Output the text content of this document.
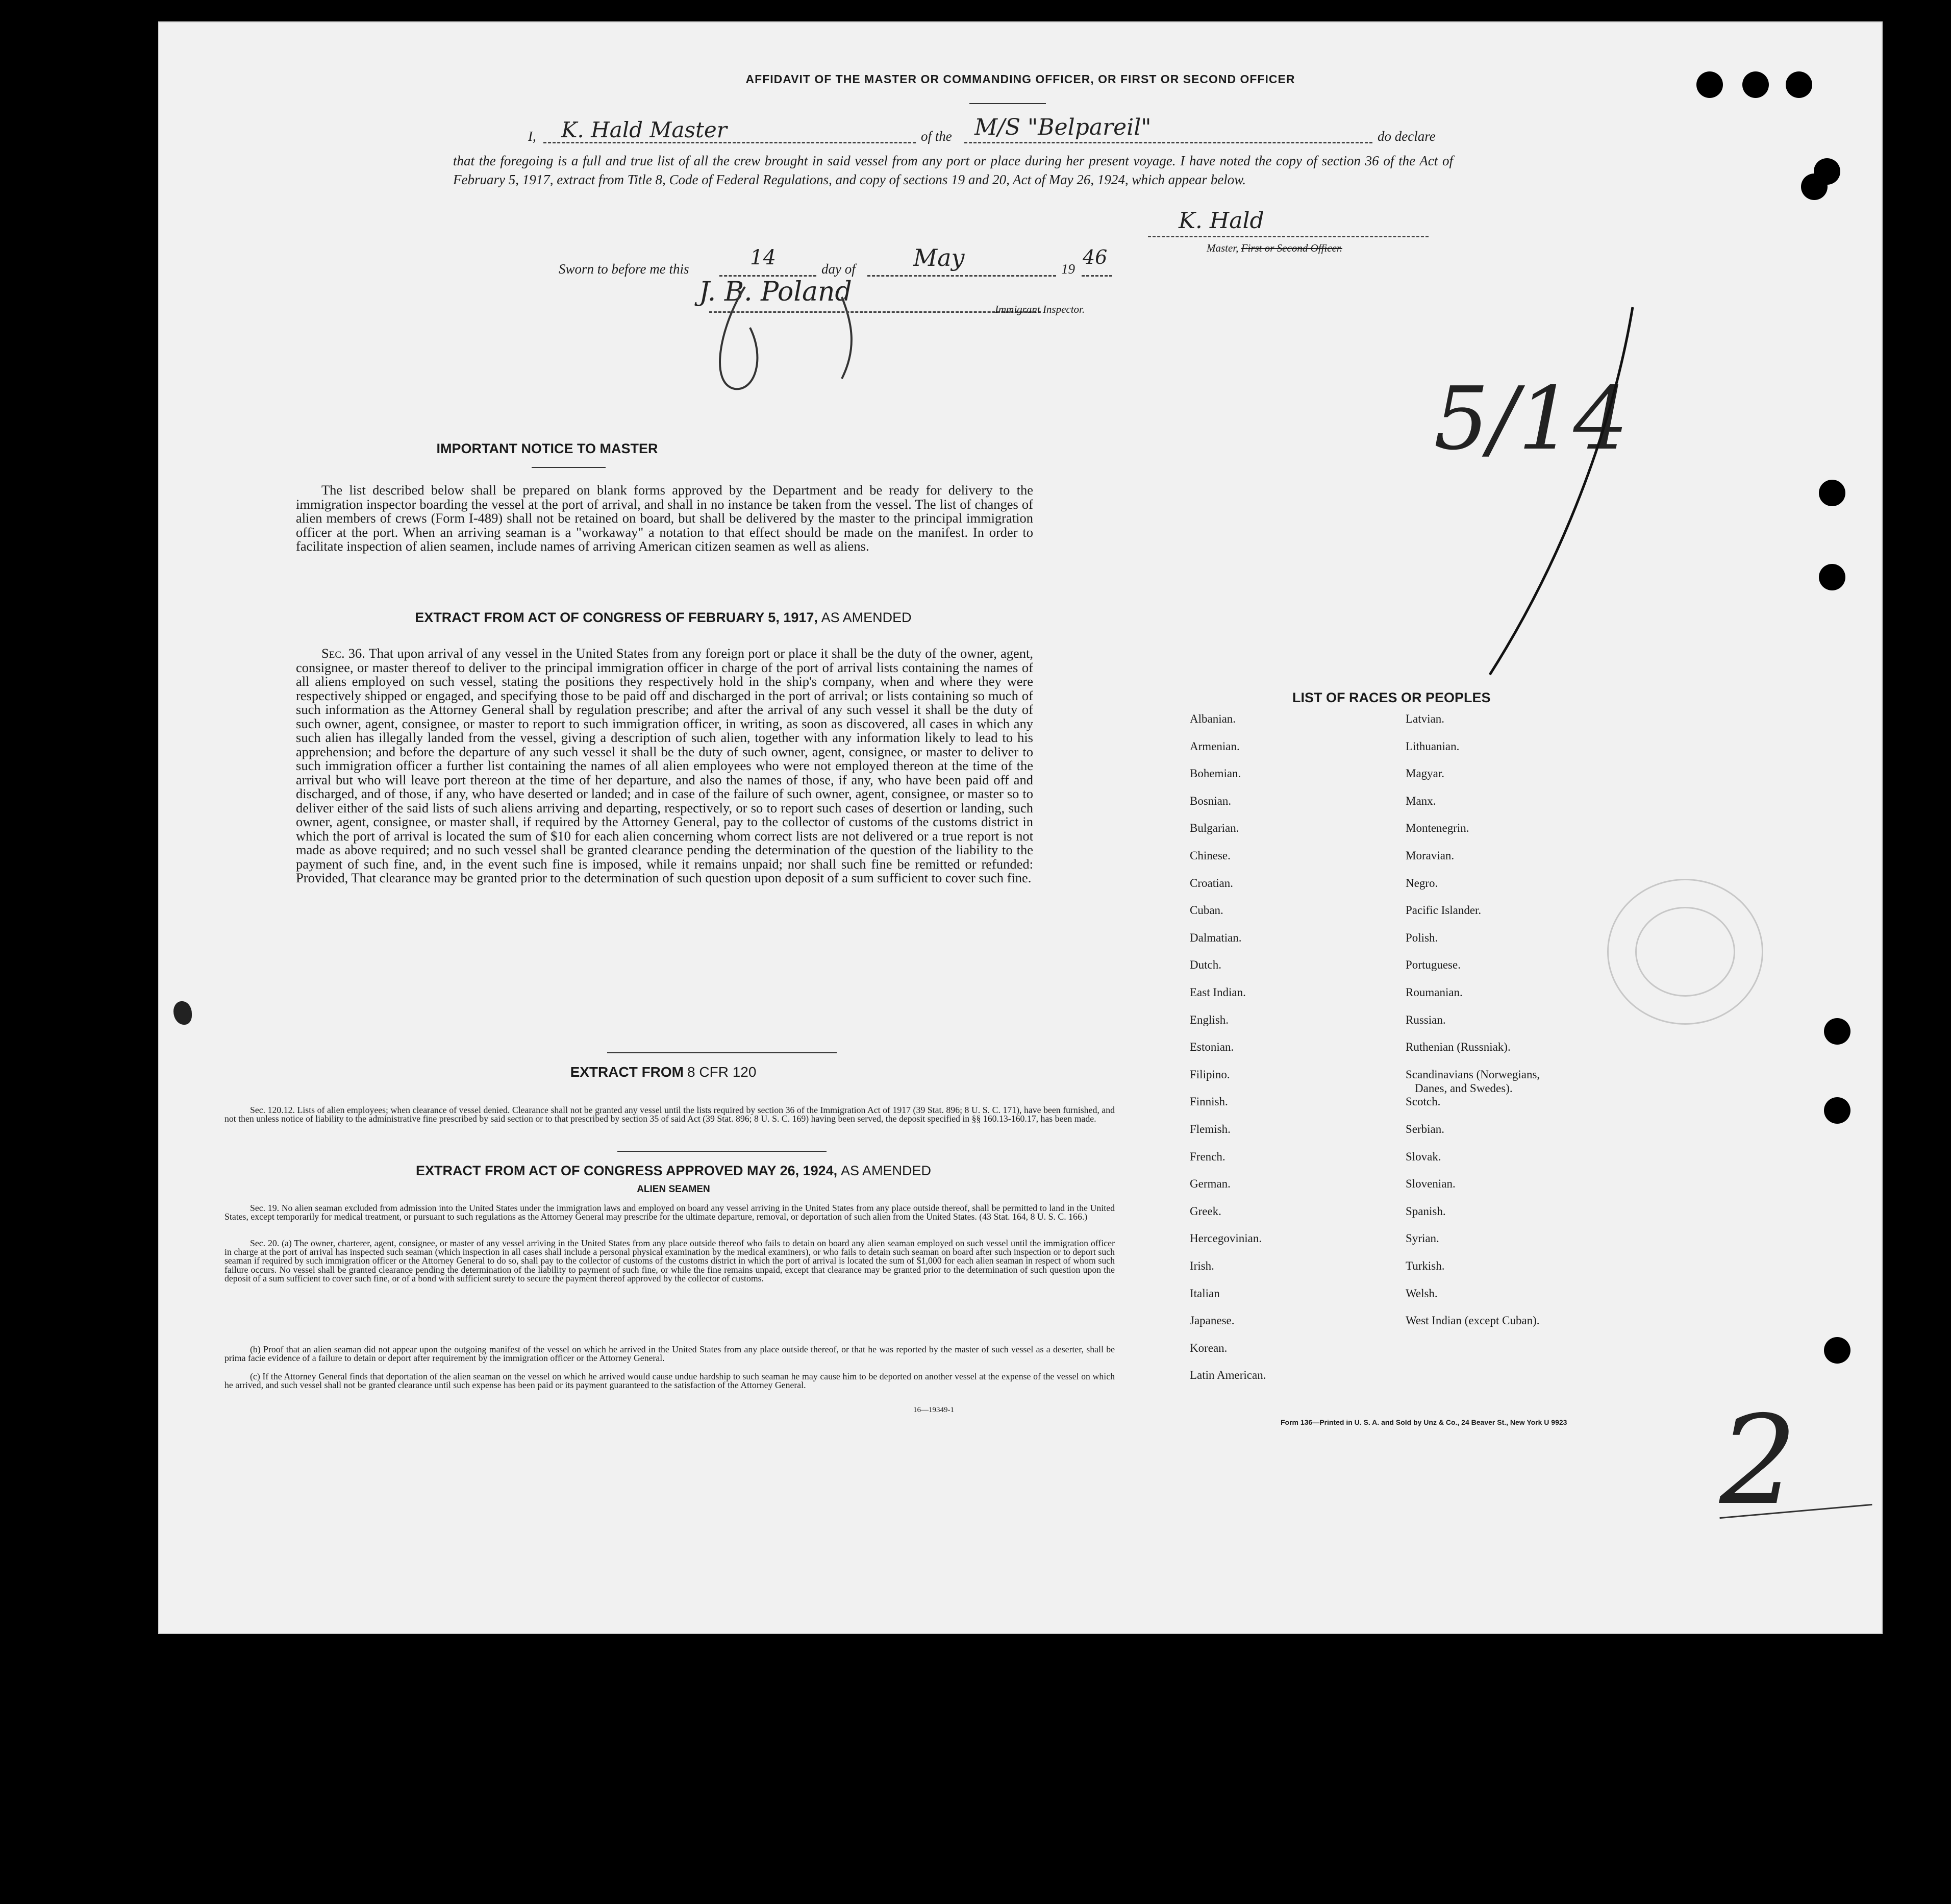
AFFIDAVIT OF THE MASTER OR COMMANDING OFFICER, OR FIRST OR SECOND OFFICER
I, K. Hald Master	of the M/S "Belpareil"	do declare
that the foregoing is a full and true list of all the crew brought in said vessel from any port or place during her present voyage. I have noted the copy of section 36 of the Act of February 5, 1917, extract from Title 8, Code of Federal Regulations, and copy of sections 19 and 20, Act of May 26, 1924, which appear below.
K. Hald
Master, First or Second Officer.
Sworn to before me this	14	day of May	19
46
J. B. Poland
Immigrant Inspector.
5/14
IMPORTANT NOTICE TO MASTER
The list described below shall be prepared on blank forms approved by the Department and be ready for delivery to the immigration inspector boarding the vessel at the port of arrival, and shall in no instance be taken from the vessel. The list of changes of alien members of crews (Form I-489) shall not be retained on board, but shall be delivered by the master to the principal immigration officer at the port. When an arriving seaman is a "workaway" a notation to that effect should be made on the manifest. In order to facilitate inspection of alien seamen, include names of arriving American citizen seamen as well as aliens.
EXTRACT FROM ACT OF CONGRESS OF FEBRUARY 5, 1917, AS AMENDED
Sec. 36. That upon arrival of any vessel in the United States from any foreign port or place it shall be the duty of the owner, agent, consignee, or master thereof to deliver to the principal immigration officer in charge of the port of arrival lists containing the names of all aliens employed on such vessel, stating the positions they respectively hold in the ship's company, when and where they were respectively shipped or engaged, and specifying those to be paid off and discharged in the port of arrival; or lists containing so much of such information as the Attorney General shall by regulation prescribe; and after the arrival of any such vessel it shall be the duty of such owner, agent, consignee, or master to report to such immigration officer, in writing, as soon as discovered, all cases in which any such alien has illegally landed from the vessel, giving a description of such alien, together with any information likely to lead to his apprehension; and before the departure of any such vessel it shall be the duty of such owner, agent, consignee, or master to deliver to such immigration officer a further list containing the names of all alien employees who were not employed thereon at the time of the arrival but who will leave port thereon at the time of her departure, and also the names of those, if any, who have been paid off and discharged, and of those, if any, who have deserted or landed; and in case of the failure of such owner, agent, consignee, or master so to deliver either of the said lists of such aliens arriving and departing, respectively, or so to report such cases of desertion or landing, such owner, agent, consignee, or master shall, if required by the Attorney General, pay to the collector of customs of the customs district in which the port of arrival is located the sum of $10 for each alien concerning whom correct lists are not delivered or a true report is not made as above required; and no such vessel shall be granted clearance pending the determination of the question of the liability to the payment of such fine, and, in the event such fine is imposed, while it remains unpaid; nor shall such fine be remitted or refunded: Provided, That clearance may be granted prior to the determination of such question upon deposit of a sum sufficient to cover such fine.
EXTRACT FROM 8 CFR 120
Sec. 120.12. Lists of alien employees; when clearance of vessel denied. Clearance shall not be granted any vessel until the lists required by section 36 of the Immigration Act of 1917 (39 Stat. 896; 8 U. S. C. 171), have been furnished, and not then unless notice of liability to the administrative fine prescribed by said section or to that prescribed by section 35 of said Act (39 Stat. 896; 8 U. S. C. 169) having been served, the deposit specified in §§ 160.13-160.17, has been made.
EXTRACT FROM ACT OF CONGRESS APPROVED MAY 26, 1924, AS AMENDED
ALIEN SEAMEN
Sec. 19. No alien seaman excluded from admission into the United States under the immigration laws and employed on board any vessel arriving in the United States from any place outside thereof, shall be permitted to land in the United States, except temporarily for medical treatment, or pursuant to such regulations as the Attorney General may prescribe for the ultimate departure, removal, or deportation of such alien from the United States. (43 Stat. 164, 8 U. S. C. 166.)
Sec. 20. (a) The owner, charterer, agent, consignee, or master of any vessel arriving in the United States from any place outside thereof who fails to detain on board any alien seaman employed on such vessel until the immigration officer in charge at the port of arrival has inspected such seaman (which inspection in all cases shall include a personal physical examination by the medical examiners), or who fails to detain such seaman on board after such inspection or to deport such seaman if required by such immigration officer or the Attorney General to do so, shall pay to the collector of customs of the customs district in which the port of arrival is located the sum of $1,000 for each alien seaman in respect of whom such failure occurs. No vessel shall be granted clearance pending the determination of the liability to payment of such fine, or while the fine remains unpaid, except that clearance may be granted prior to the determination of such question upon the deposit of a sum sufficient to cover such fine, or of a bond with sufficient surety to secure the payment thereof approved by the collector of customs.
(b) Proof that an alien seaman did not appear upon the outgoing manifest of the vessel on which he arrived in the United States from any place outside thereof, or that he was reported by the master of such vessel as a deserter, shall be prima facie evidence of a failure to detain or deport after requirement by the immigration officer or the Attorney General.
(c) If the Attorney General finds that deportation of the alien seaman on the vessel on which he arrived would cause undue hardship to such seaman he may cause him to be deported on another vessel at the expense of the vessel on which he arrived, and such vessel shall not be granted clearance until such expense has been paid or its payment guaranteed to the satisfaction of the Attorney General.
16—19349-1
LIST OF RACES OR PEOPLES
Albanian.
Armenian.
Bohemian.
Bosnian.
Bulgarian.
Chinese.
Croatian.
Cuban.
Dalmatian.
Dutch.
East Indian.
English.
Estonian.
Filipino.
Finnish.
Flemish.
French.
German.
Greek.
Hercegovinian.
Irish.
Italian
Japanese.
Korean.
Latin American.
Latvian.
Lithuanian.
Magyar.
Manx.
Montenegrin.
Moravian.
Negro.
Pacific Islander.
Polish.
Portuguese.
Roumanian.
Russian.
Ruthenian (Russniak).
Scandinavians (Norwegians,
Danes, and Swedes).
Scotch.
Serbian.
Slovak.
Slovenian.
Spanish.
Syrian.
Turkish.
Welsh.
West Indian (except Cuban).
Form 136—Printed in U. S. A. and Sold by Unz & Co., 24 Beaver St., New York U 9923 2
